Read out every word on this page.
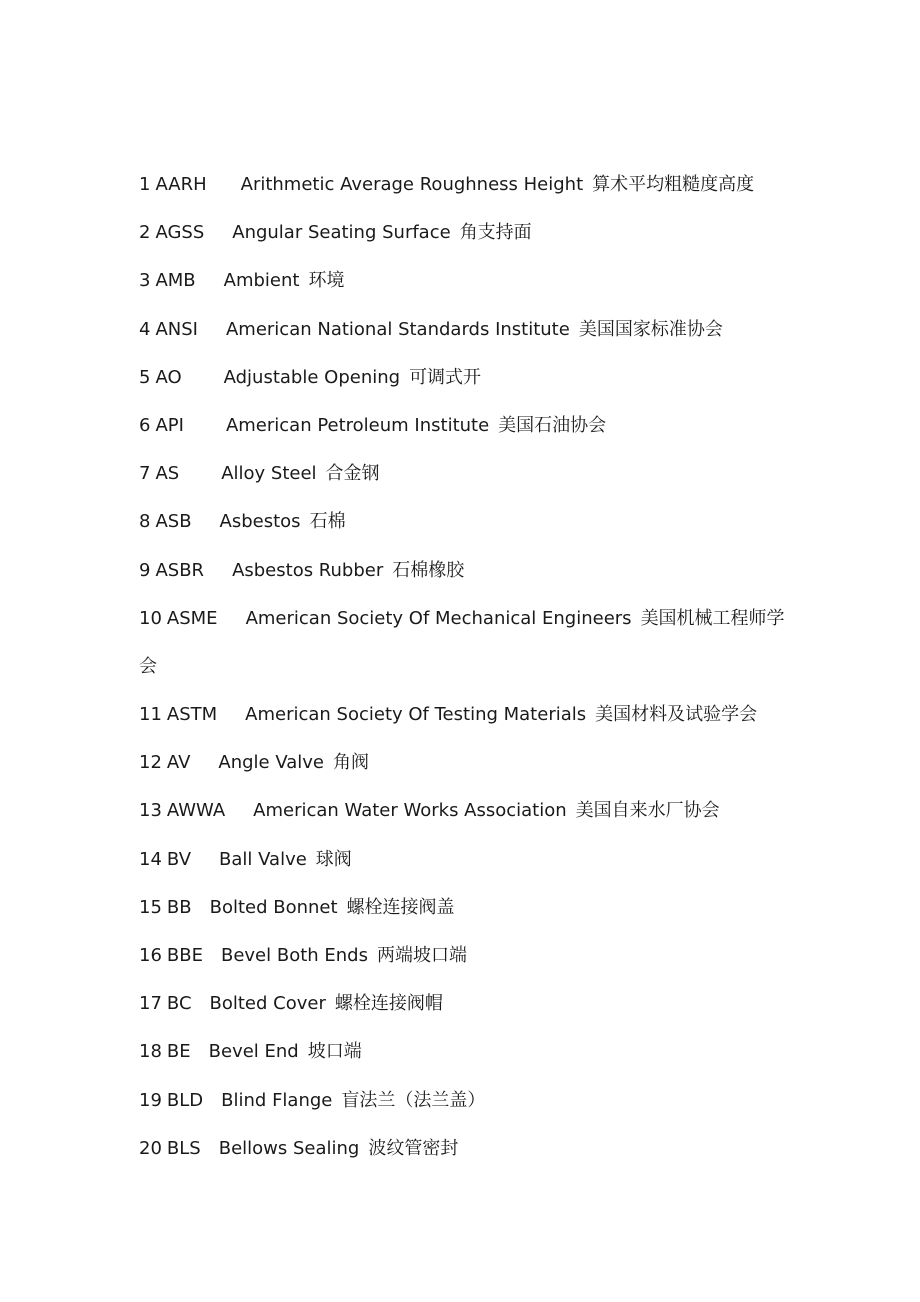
1 AARH Arithmetic Average Roughness Height 算术平均粗糙度高度
2 AGSS Angular Seating Surface 角支持面
3 AMB Ambient 环境
4 ANSI American National Standards Institute 美国国家标准协会
5 AO Adjustable Opening 可调式开
6 API American Petroleum Institute 美国石油协会
7 AS Alloy Steel 合金钢
8 ASB Asbestos 石棉
9 ASBR Asbestos Rubber 石棉橡胶
10 ASME American Society Of Mechanical Engineers 美国机械工程师学
会
11 ASTM American Society Of Testing Materials 美国材料及试验学会
12 AV Angle Valve 角阀
13 AWWA American Water Works Association 美国自来水厂协会
14 BV Ball Valve 球阀
15 BB Bolted Bonnet 螺栓连接阀盖
16 BBE Bevel Both Ends 两端坡口端
17 BC Bolted Cover 螺栓连接阀帽
18 BE Bevel End 坡口端
19 BLD Blind Flange 盲法兰（法兰盖）
20 BLS Bellows Sealing 波纹管密封
